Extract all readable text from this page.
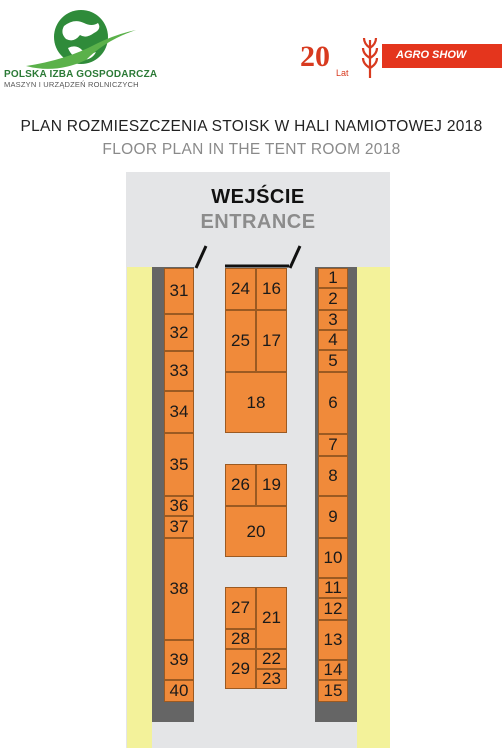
POLSKA IZBA GOSPODARCZA
MASZYN I URZĄDZEŃ ROLNICZYCH
20 Lat
AGRO SHOW
PLAN ROZMIESZCZENIA STOISK W HALI NAMIOTOWEJ 2018
FLOOR PLAN IN THE TENT ROOM 2018
WEJŚCIE
ENTRANCE
31
32
33
34
35
36
37
38
39
40
1
2
3
4
5
6
7
8
9
10
11
12
13
14
15
24 16
25 17
18
26 19
20
27
21
28
29
22
23
